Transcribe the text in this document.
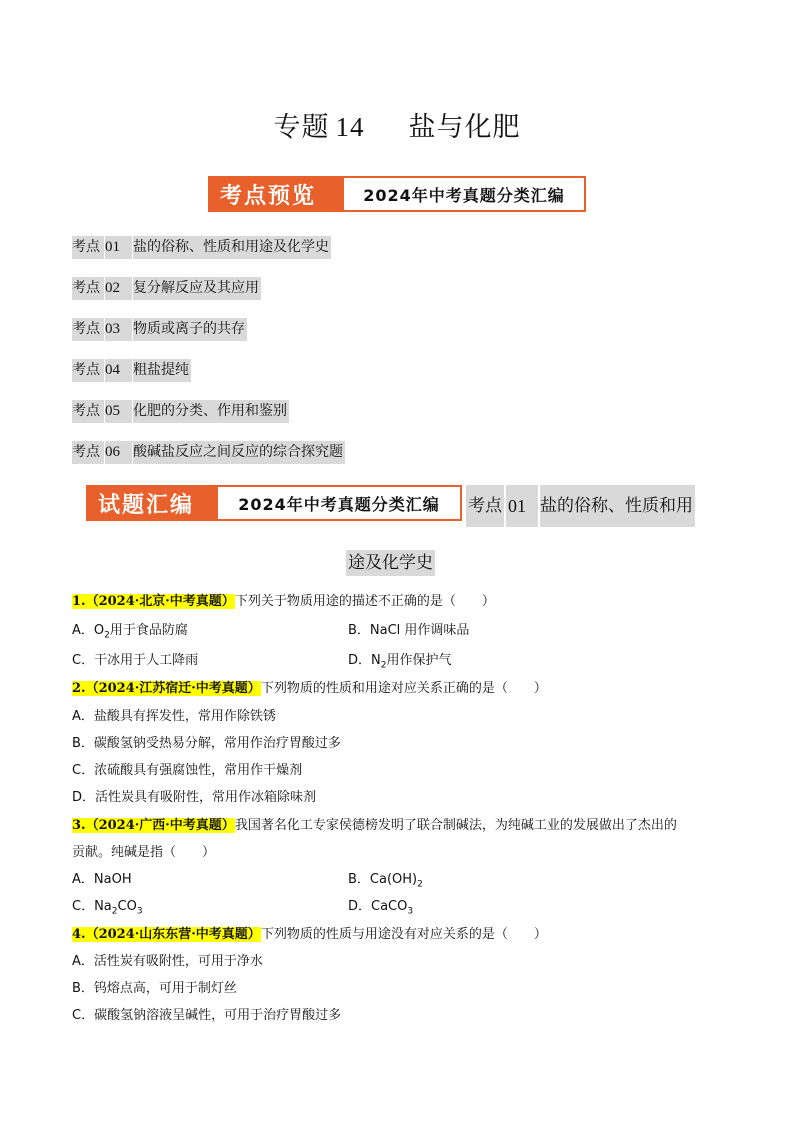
专题 14 盐与化肥
考点预览	2024年中考真题分类汇编
考点 01 盐的俗称、性质和用途及化学史
考点 02 复分解反应及其应用
考点 03 物质或离子的共存
考点 04 粗盐提纯
考点 05 化肥的分类、作用和鉴别
考点 06 酸碱盐反应之间反应的综合探究题
试题汇编	2024年中考真题分类汇编	考点 01 盐的俗称、性质和用
途及化学史
1.（2024·北京·中考真题）下列关于物质用途的描述不正确的是（　　）
A．$O_2$用于食品防腐	B．NaCl 用作调味品
C．干冰用于人工降雨	D．$N_2$用作保护气
2.（2024·江苏宿迁·中考真题）下列物质的性质和用途对应关系正确的是（　　）
A．盐酸具有挥发性，常用作除铁锈
B．碳酸氢钠受热易分解，常用作治疗胃酸过多
C．浓硫酸具有强腐蚀性，常用作干燥剂
D．活性炭具有吸附性，常用作冰箱除味剂
3.（2024·广西·中考真题）我国著名化工专家侯德榜发明了联合制碱法，为纯碱工业的发展做出了杰出的
贡献。纯碱是指（　　）
A．NaOH	B．$Ca(OH)_2$
C．$Na_2CO_3$	D．CaCO$_3$
4.（2024·山东东营·中考真题）下列物质的性质与用途没有对应关系的是（　　）
A．活性炭有吸附性，可用于净水
B．钨熔点高，可用于制灯丝
C．碳酸氢钠溶液呈碱性，可用于治疗胃酸过多
